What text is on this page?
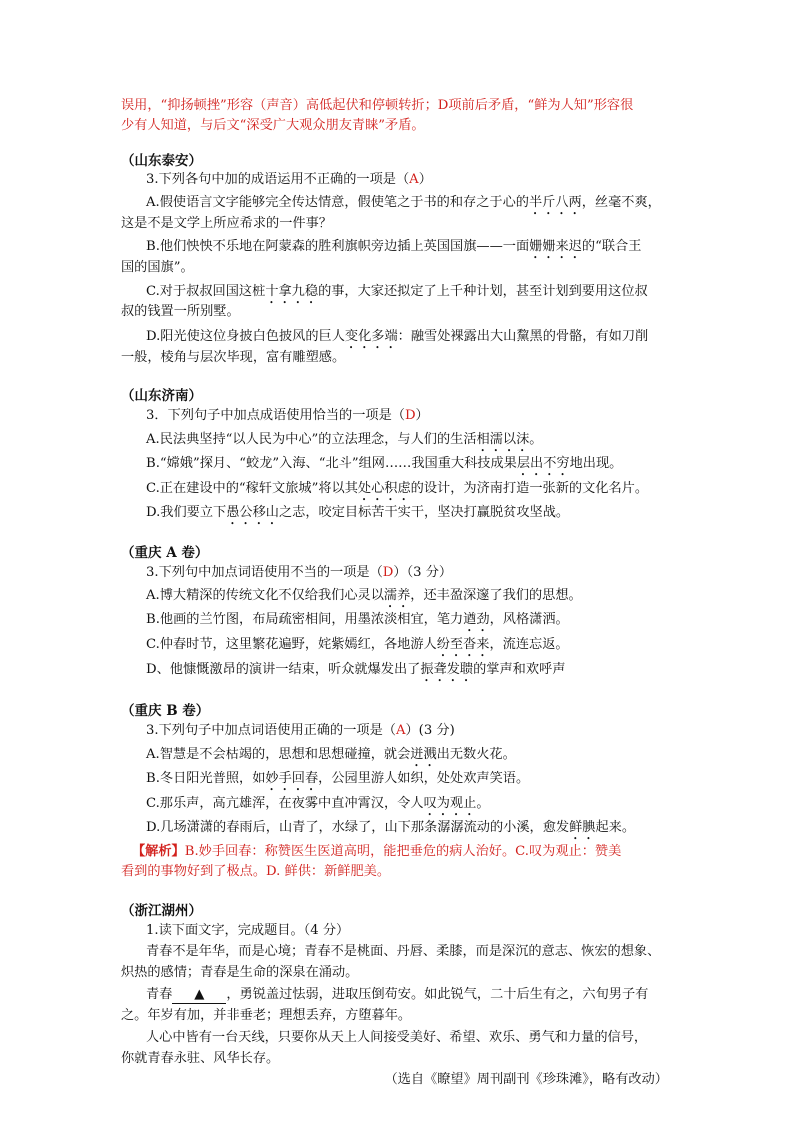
误用，“抑扬顿挫”形容（声音）高低起伏和停顿转折；D项前后矛盾，“鲜为人知”形容很
少有人知道，与后文“深受广大观众朋友青睐”矛盾。
（山东泰安）
3.下列各句中加的成语运用不正确的一项是（A）
A.假使语言文字能够完全传达情意，假使笔之于书的和存之于心的半斤八两，丝毫不爽，
这是不是文学上所应希求的一件事？
B.他们怏怏不乐地在阿蒙森的胜利旗帜旁边插上英国国旗——一面姗姗来迟的“联合王
国的国旗”。
C.对于叔叔回国这桩十拿九稳的事，大家还拟定了上千种计划，甚至计划到要用这位叔
叔的钱置一所别墅。
D.阳光使这位身披白色披风的巨人变化多端：融雪处裸露出大山黧黑的骨骼，有如刀削
一般，棱角与层次毕现，富有雕塑感。
（山东济南）
3．下列句子中加点成语使用恰当的一项是（D）
A.民法典坚持“以人民为中心”的立法理念，与人们的生活相濡以沫。
B.“嫦娥”探月、“蛟龙”入海、“北斗”组网……我国重大科技成果层出不穷地出现。
C.正在建设中的“稼轩文旅城”将以其处心积虑的设计，为济南打造一张新的文化名片。
D.我们要立下愚公移山之志，咬定目标苦干实干，坚决打赢脱贫攻坚战。
（重庆 A 卷）
3.下列句中加点词语使用不当的一项是（D）（3 分）
A.博大精深的传统文化不仅给我们心灵以濡养，还丰盈深邃了我们的思想。
B.他画的兰竹图，布局疏密相间，用墨浓淡相宜，笔力遒劲，风格潇洒。
C.仲春时节，这里繁花遍野，姹紫嫣红，各地游人纷至沓来，流连忘返。
D、他慷慨激昂的演讲一结束，听众就爆发出了振聋发聩的掌声和欢呼声
（重庆 B 卷）
3.下列句子中加点词语使用正确的一项是（A）(3 分)
A.智慧是不会枯竭的，思想和思想碰撞，就会迸溅出无数火花。
B.冬日阳光普照，如妙手回春，公园里游人如织，处处欢声笑语。
C.那乐声，高亢雄浑，在夜雾中直冲霄汉，令人叹为观止。
D.几场潇潇的春雨后，山青了，水绿了，山下那条潺潺流动的小溪，愈发鲜腆起来。
【解析】B.妙手回春：称赞医生医道高明，能把垂危的病人治好。C.叹为观止：赞美
看到的事物好到了极点。D. 鲜供：新鲜肥美。
（浙江湖州）
1.读下面文字，完成题目。（4 分）
青春不是年华，而是心境；青春不是桃面、丹唇、柔膝，而是深沉的意志、恢宏的想象、
炽热的感情；青春是生命的深泉在涌动。
青春 ▲ ，勇锐盖过怯弱，进取压倒苟安。如此锐气，二十后生有之，六旬男子有
之。年岁有加，并非垂老；理想丢弃，方堕暮年。
人心中皆有一台天线，只要你从天上人间接受美好、希望、欢乐、勇气和力量的信号，
你就青春永驻、风华长存。
（选自《瞭望》周刊副刊《珍珠滩》，略有改动）
